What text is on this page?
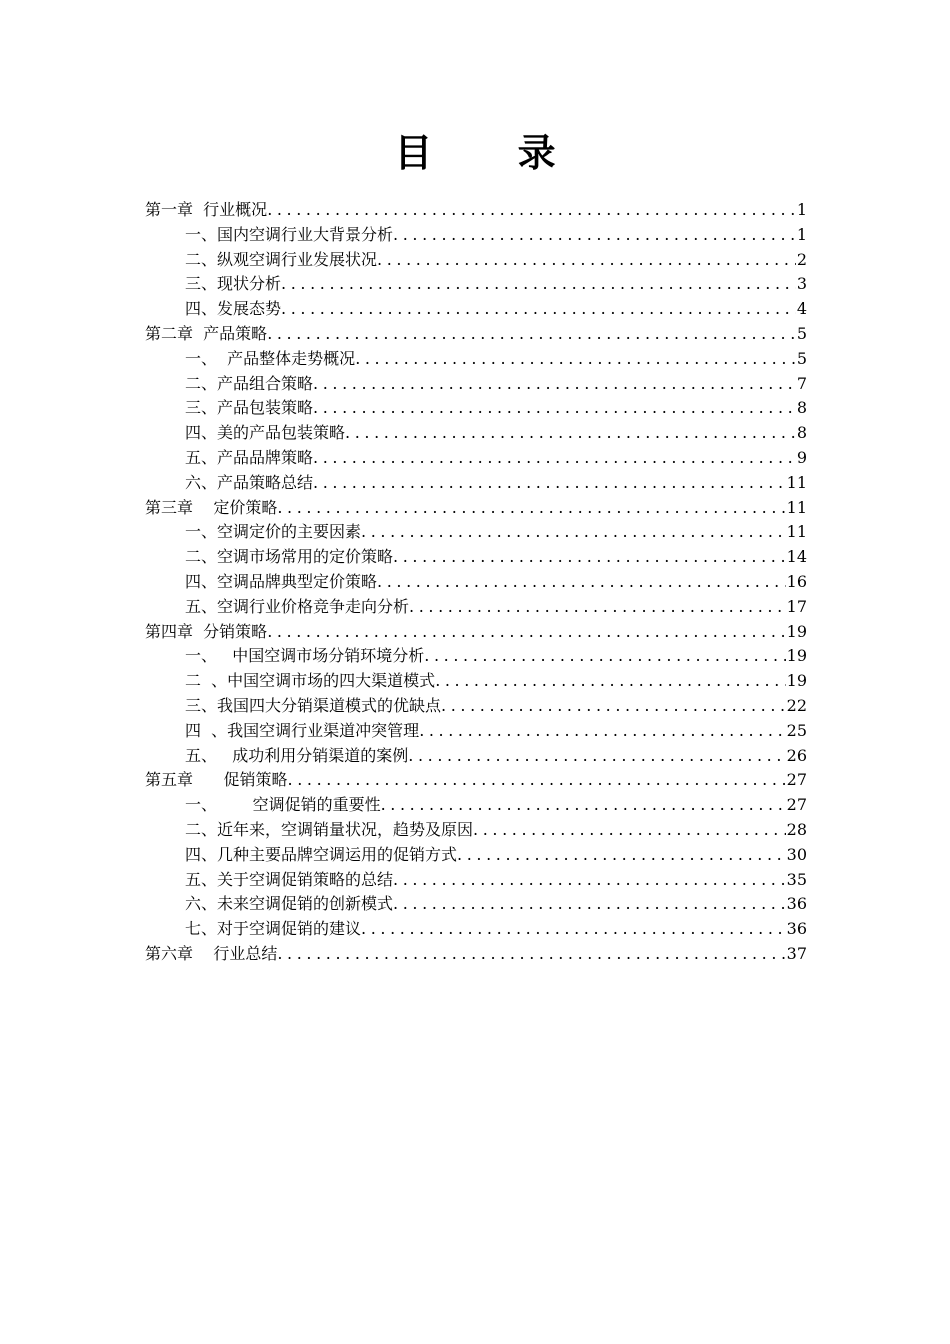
目 录
第一章  行业概况 .....	1
一、国内空调行业大背景分析 .....	1
二、纵观空调行业发展状况 .....	2
三、现状分析 .....	3
四、发展态势 .....	4
第二章  产品策略 .....	5
一、  产品整体走势概况 .....	5
二、产品组合策略 .....	7
三、产品包装策略 .....	8
四、美的产品包装策略 .....	8
五、产品品牌策略 .....	9
六、产品策略总结 .....	11
第三章    定价策略 .....	11
一、空调定价的主要因素 .....	11
二、空调市场常用的定价策略 .....	14
四、空调品牌典型定价策略 .....	16
五、空调行业价格竞争走向分析 .....	17
第四章  分销策略 .....	19
一、   中国空调市场分销环境分析 .....	19
二  、中国空调市场的四大渠道模式 .....	19
三、我国四大分销渠道模式的优缺点 .....	22
四  、我国空调行业渠道冲突管理 .....	25
五、   成功利用分销渠道的案例 .....	26
第五章      促销策略 .....	27
一、       空调促销的重要性 .....	27
二、近年来，空调销量状况，趋势及原因 .....	28
四、几种主要品牌空调运用的促销方式 .....	30
五、关于空调促销策略的总结 .....	35
六、未来空调促销的创新模式 .....	36
七、对于空调促销的建议 .....	36
第六章    行业总结 .....	37
